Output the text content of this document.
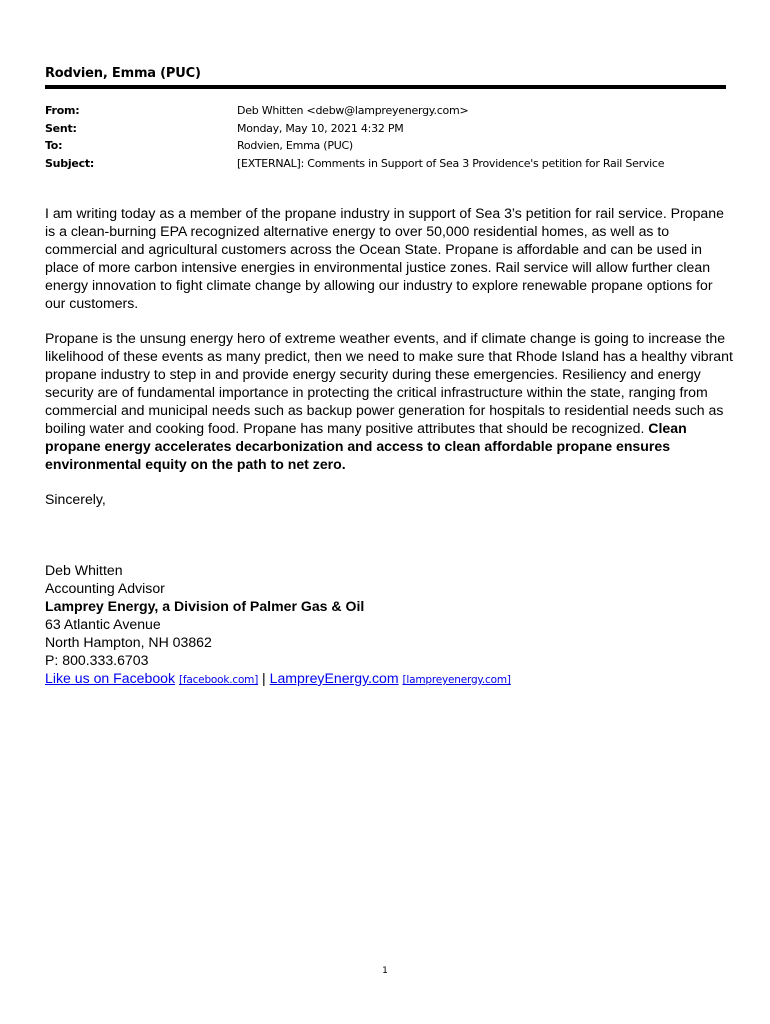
Rodvien, Emma (PUC)
From:	Deb Whitten <debw@lampreyenergy.com>
Sent:	Monday, May 10, 2021 4:32 PM
To:	Rodvien, Emma (PUC)
Subject:	[EXTERNAL]: Comments in Support of Sea 3 Providence's petition for Rail Service

I am writing today as a member of the propane industry in support of Sea 3’s petition for rail service. Propane is a clean-burning EPA recognized alternative energy to over 50,000 residential homes, as well as to commercial and agricultural customers across the Ocean State. Propane is affordable and can be used in place of more carbon intensive energies in environmental justice zones. Rail service will allow further clean energy innovation to fight climate change by allowing our industry to explore renewable propane options for our customers.

Propane is the unsung energy hero of extreme weather events, and if climate change is going to increase the likelihood of these events as many predict, then we need to make sure that Rhode Island has a healthy vibrant propane industry to step in and provide energy security during these emergencies. Resiliency and energy security are of fundamental importance in protecting the critical infrastructure within the state, ranging from commercial and municipal needs such as backup power generation for hospitals to residential needs such as boiling water and cooking food. Propane has many positive attributes that should be recognized. Clean propane energy accelerates decarbonization and access to clean affordable propane ensures environmental equity on the path to net zero.

Sincerely,

Deb Whitten
Accounting Advisor
Lamprey Energy, a Division of Palmer Gas & Oil
63 Atlantic Avenue
North Hampton, NH 03862
P: 800.333.6703
Like us on Facebook [facebook.com] | LampreyEnergy.com [lampreyenergy.com]
1
